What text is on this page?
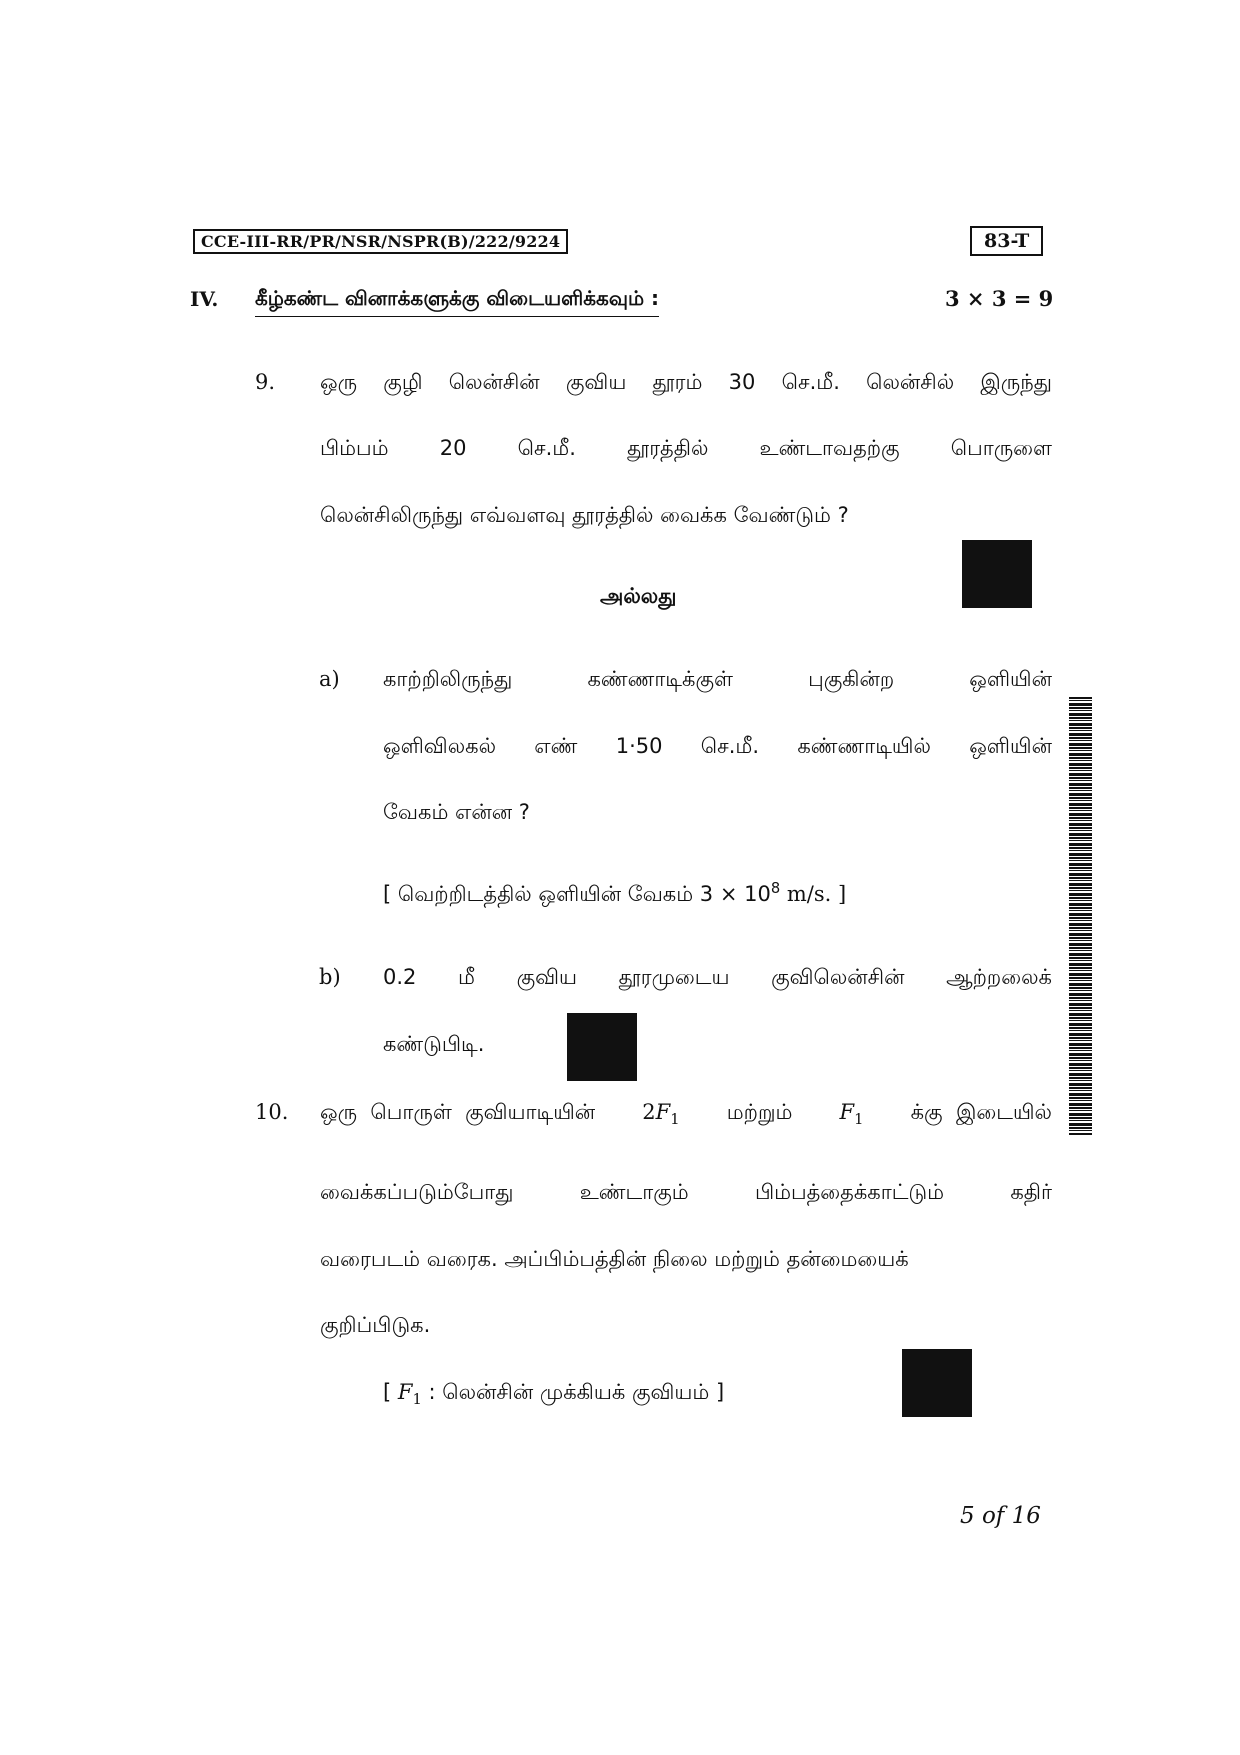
CCE-III-RR/PR/NSR/NSPR(B)/222/9224	83-T
IV. கீழ்கண்ட வினாக்களுக்கு விடையளிக்கவும் :	3 × 3 = 9
9. ஒரு குழி லென்சின் குவிய தூரம் 30 செ.மீ. லென்சில் இருந்து
பிம்பம் 20 செ.மீ. தூரத்தில் உண்டாவதற்கு பொருளை
லென்சிலிருந்து எவ்வளவு தூரத்தில் வைக்க வேண்டும் ?
அல்லது
a) காற்றிலிருந்து	கண்ணாடிக்குள்	புகுகின்ற	ஒளியின்
ஒளிவிலகல் எண் 1·50 செ.மீ. கண்ணாடியில் ஒளியின்
வேகம் என்ன ?
[ வெற்றிடத்தில் ஒளியின் வேகம் $3 \times 10^8$ m/s. ]
b) 0.2 மீ குவிய தூரமுடைய குவிலென்சின் ஆற்றலைக்
கண்டுபிடி.
10. ஒரு  பொருள்  குவியாடியின் $2F_1$ மற்றும் $F_1$ க்கு  இடையில்
வைக்கப்படும்போது	உண்டாகும்	பிம்பத்தைக்காட்டும்	கதிர்
வரைபடம் வரைக. அப்பிம்பத்தின் நிலை மற்றும் தன்மையைக்
குறிப்பிடுக.
[ $F_1$ : லென்சின் முக்கியக் குவியம் ]
5 of 16
